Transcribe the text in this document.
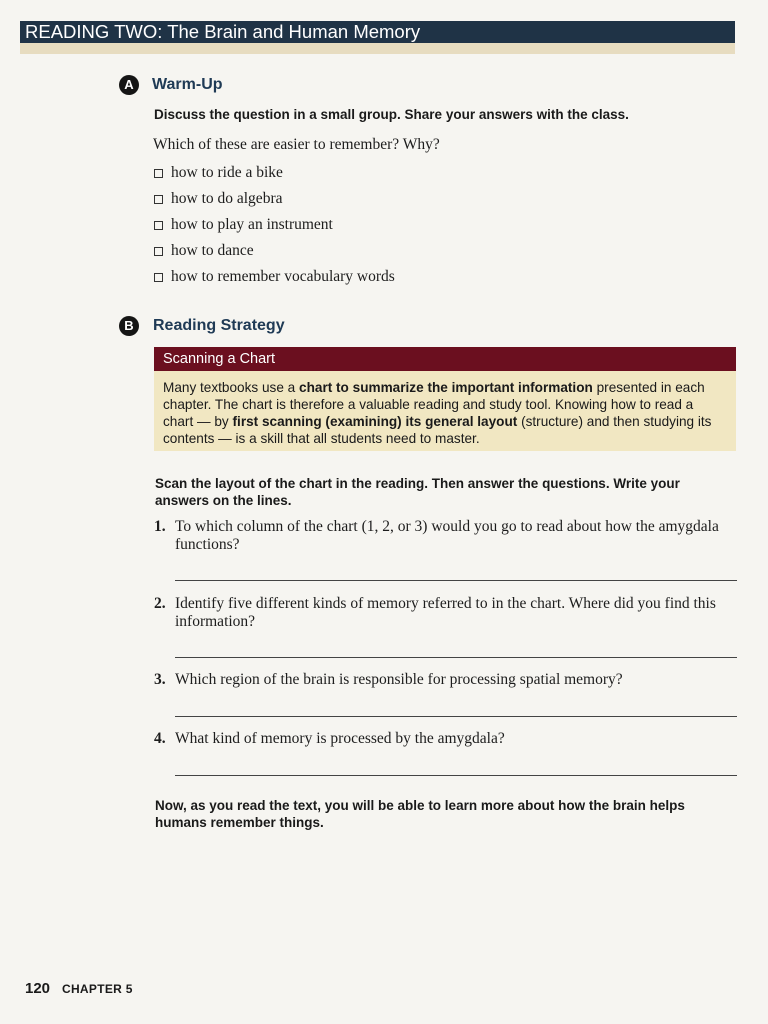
READING TWO: The Brain and Human Memory
A	Warm-Up
Discuss the question in a small group. Share your answers with the class.
Which of these are easier to remember? Why?
how to ride a bike
how to do algebra
how to play an instrument
how to dance
how to remember vocabulary words
B	Reading Strategy
Scanning a Chart
Many textbooks use a chart to summarize the important information presented in each chapter. The chart is therefore a valuable reading and study tool. Knowing how to read a chart — by first scanning (examining) its general layout (structure) and then studying its contents — is a skill that all students need to master.
Scan the layout of the chart in the reading. Then answer the questions. Write your answers on the lines.
1. To which column of the chart (1, 2, or 3) would you go to read about how the amygdala functions?
2. Identify five different kinds of memory referred to in the chart. Where did you find this information?
3. Which region of the brain is responsible for processing spatial memory?
4. What kind of memory is processed by the amygdala?
Now, as you read the text, you will be able to learn more about how the brain helps humans remember things.
120 CHAPTER 5
